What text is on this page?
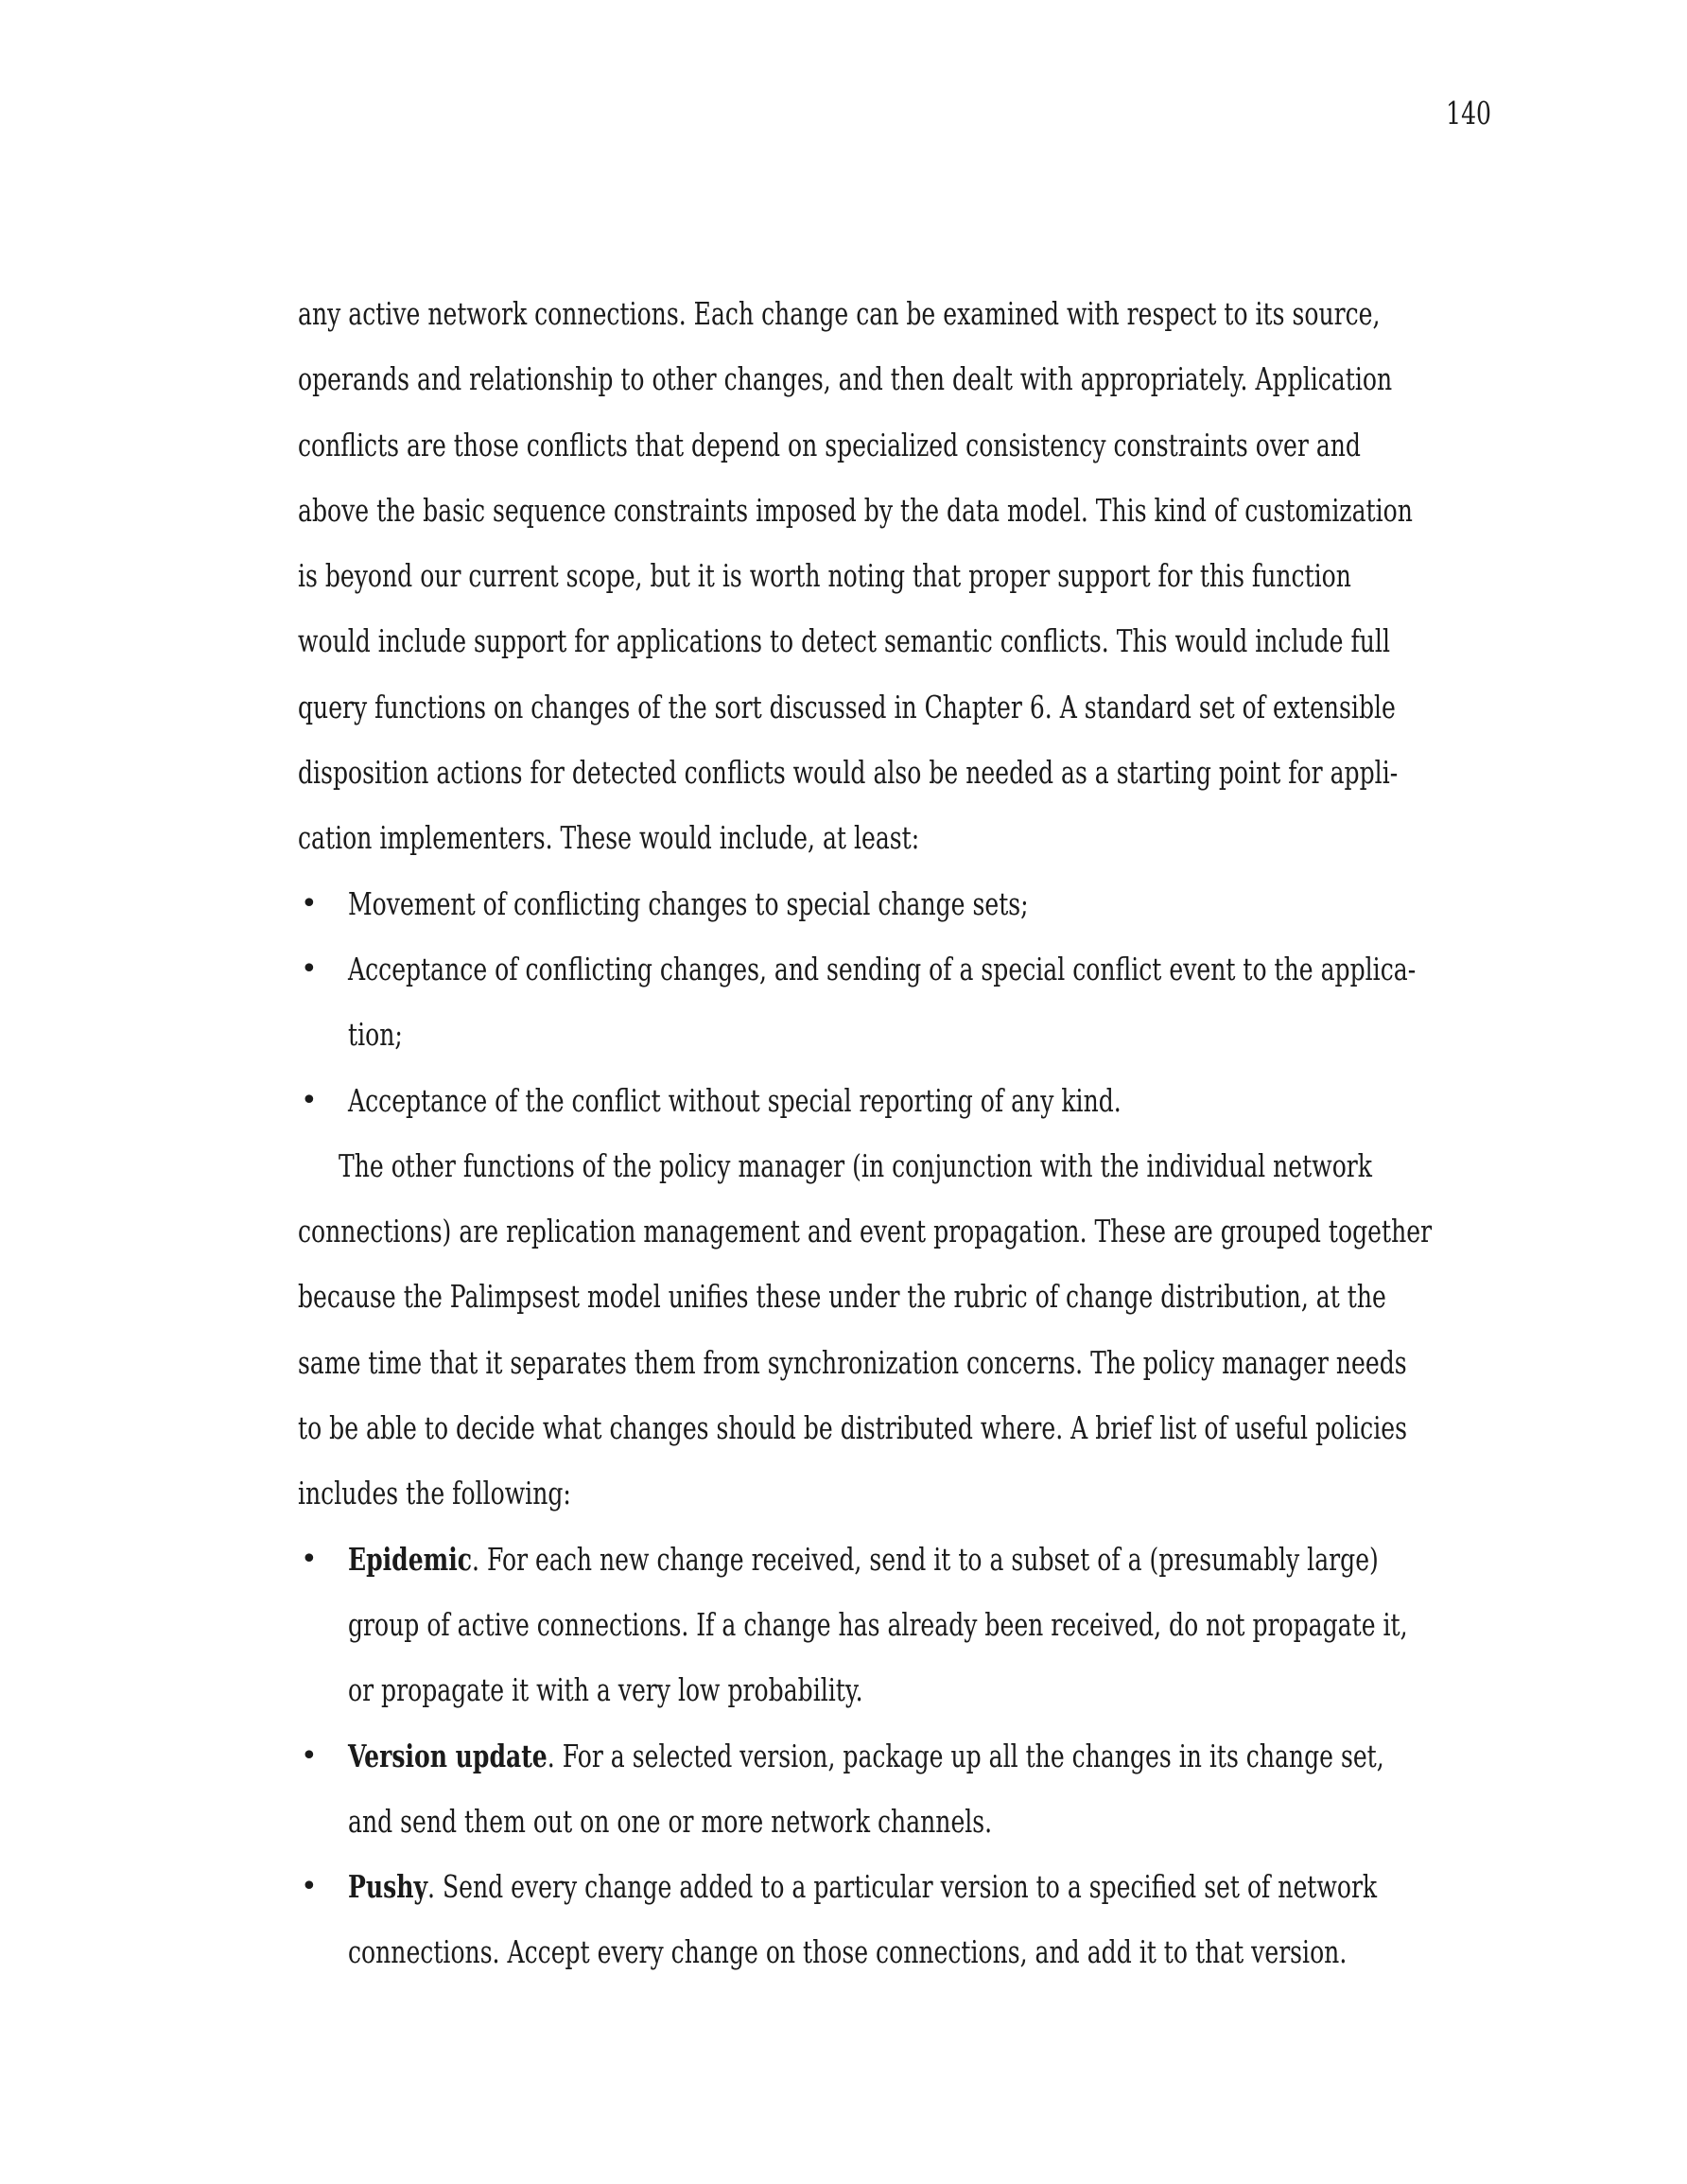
140
any active network connections. Each change can be examined with respect to its source,
operands and relationship to other changes, and then dealt with appropriately. Application
conflicts are those conflicts that depend on specialized consistency constraints over and
above the basic sequence constraints imposed by the data model. This kind of customization
is beyond our current scope, but it is worth noting that proper support for this function
would include support for applications to detect semantic conflicts. This would include full
query functions on changes of the sort discussed in Chapter 6. A standard set of extensible
disposition actions for detected conflicts would also be needed as a starting point for appli-
cation implementers. These would include, at least:
• Movement of conflicting changes to special change sets;
• Acceptance of conflicting changes, and sending of a special conflict event to the applica-
tion;
• Acceptance of the conflict without special reporting of any kind.
The other functions of the policy manager (in conjunction with the individual network
connections) are replication management and event propagation. These are grouped together
because the Palimpsest model unifies these under the rubric of change distribution, at the
same time that it separates them from synchronization concerns. The policy manager needs
to be able to decide what changes should be distributed where. A brief list of useful policies
includes the following:
• Epidemic. For each new change received, send it to a subset of a (presumably large)
group of active connections. If a change has already been received, do not propagate it,
or propagate it with a very low probability.
• Version update. For a selected version, package up all the changes in its change set,
and send them out on one or more network channels.
• Pushy. Send every change added to a particular version to a specified set of network
connections. Accept every change on those connections, and add it to that version.
